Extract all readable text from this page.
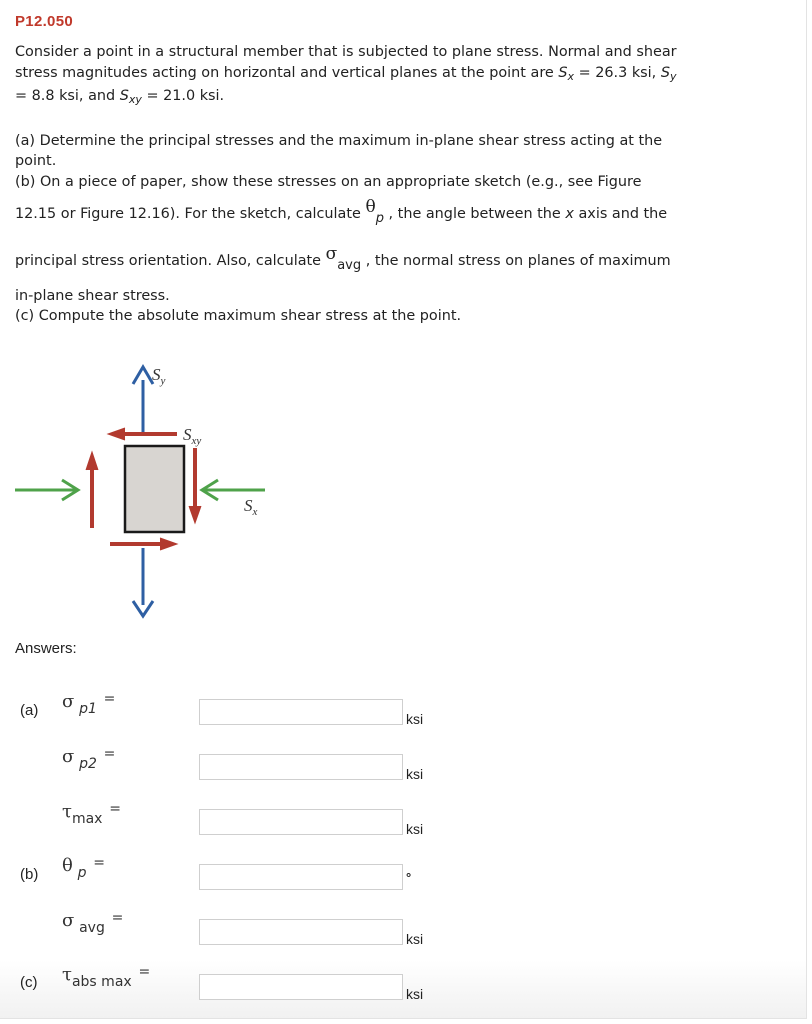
P12.050
Consider a point in a structural member that is subjected to plane stress. Normal and shear
stress magnitudes acting on horizontal and vertical planes at the point are $S_x = 26.3$ ksi, $S_y$
= 8.8 ksi, and $S_{xy} = 21.0$ ksi.
(a) Determine the principal stresses and the maximum in-plane shear stress acting at the
point.
(b) On a piece of paper, show these stresses on an appropriate sketch (e.g., see Figure
12.15 or Figure 12.16). For the sketch, calculate θp , the angle between the x axis and the
principal stress orientation. Also, calculate σavg , the normal stress on planes of maximum
in-plane shear stress.
(c) Compute the absolute maximum shear stress at the point.
$S_y$
$S_{xy}$
$S_x$
Answers:
(a)
(b)
(c)
σ p1 =
ksi
σ p2 =
ksi
τmax =
ksi
θ p =
°
σ avg =
ksi
τabs max =
ksi
